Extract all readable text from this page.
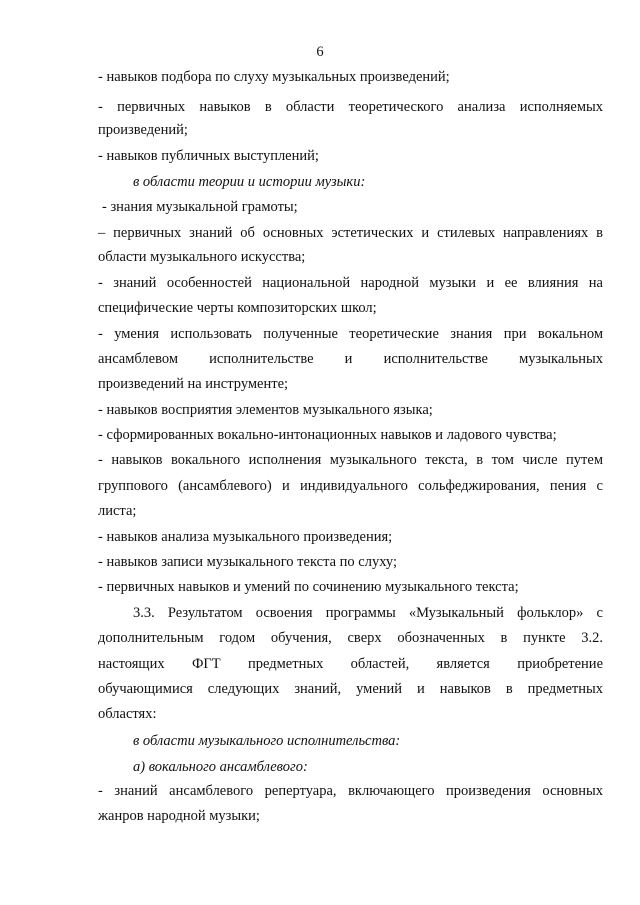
6
- навыков подбора по слуху музыкальных произведений;
- первичных навыков в области теоретического анализа исполняемых
произведений;
- навыков публичных выступлений;
в области теории и истории музыки:
- знания музыкальной грамоты;
– первичных знаний об основных эстетических и стилевых направлениях в
области музыкального искусства;
- знаний особенностей национальной народной музыки и ее влияния на
специфические черты композиторских школ;
- умения использовать полученные теоретические знания при вокальном
ансамблевом исполнительстве и исполнительстве музыкальных
произведений на инструменте;
- навыков восприятия элементов музыкального языка;
- сформированных вокально-интонационных навыков и ладового чувства;
- навыков вокального исполнения музыкального текста, в том числе путем
группового (ансамблевого) и индивидуального сольфеджирования, пения с
листа;
- навыков анализа музыкального произведения;
- навыков записи музыкального текста по слуху;
- первичных навыков и умений по сочинению музыкального текста;
3.3. Результатом освоения программы «Музыкальный фольклор» с
дополнительным годом обучения, сверх обозначенных в пункте 3.2.
настоящих ФГТ предметных областей, является приобретение
обучающимися следующих знаний, умений и навыков в предметных
областях:
в области музыкального исполнительства:
а) вокального ансамблевого:
- знаний ансамблевого репертуара, включающего произведения основных
жанров народной музыки;
